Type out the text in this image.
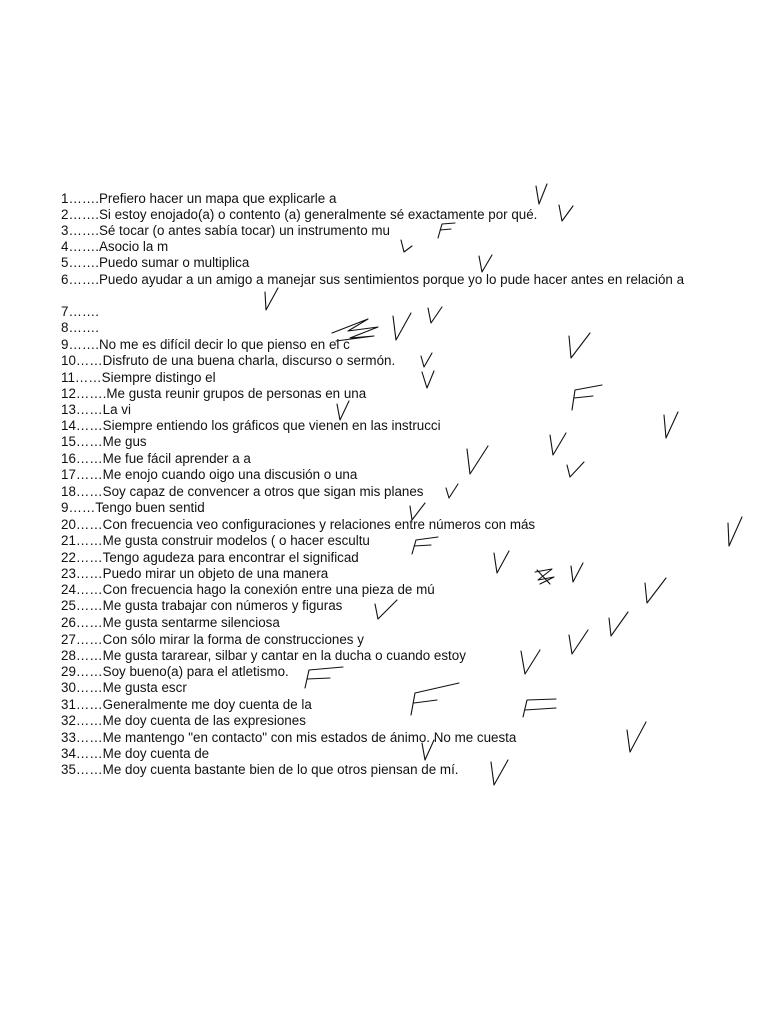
1…….Prefiero hacer un mapa que explicarle a
2…….Si estoy enojado(a) o contento (a) generalmente sé exactamente por qué.
3…….Sé tocar (o antes sabía tocar) un instrumento mu
4…….Asocio la m
5…….Puedo sumar o multiplica
6…….Puedo ayudar a un amigo a manejar sus sentimientos porque yo lo pude hacer antes en relación a
7…….
8…….
9…….No me es difícil decir lo que pienso en el c
10……Disfruto de una buena charla, discurso o sermón.
11……Siempre distingo el
12…….Me gusta reunir grupos de personas en una
13……La vi
14……Siempre entiendo los gráficos que vienen en las instrucci
15……Me gus
16……Me fue fácil aprender a a
17……Me enojo cuando oigo una discusión o una
18……Soy capaz de convencer a otros que sigan mis planes
9……Tengo buen sentid
20……Con frecuencia veo configuraciones y relaciones entre números con más
21……Me gusta construir modelos ( o hacer escultu
22……Tengo agudeza para encontrar el significad
23……Puedo mirar un objeto de una manera
24……Con frecuencia hago la conexión entre una pieza de mú
25……Me gusta trabajar con números y figuras
26……Me gusta sentarme silenciosa
27……Con sólo mirar la forma de construcciones y
28……Me gusta tararear, silbar y cantar en la ducha o cuando estoy
29……Soy bueno(a) para el atletismo.
30……Me gusta escr
31……Generalmente me doy cuenta de la
32……Me doy cuenta de las expresiones
33……Me mantengo "en contacto" con mis estados de ánimo. No me cuesta
34……Me doy cuenta de
35……Me doy cuenta bastante bien de lo que otros piensan de mí.
